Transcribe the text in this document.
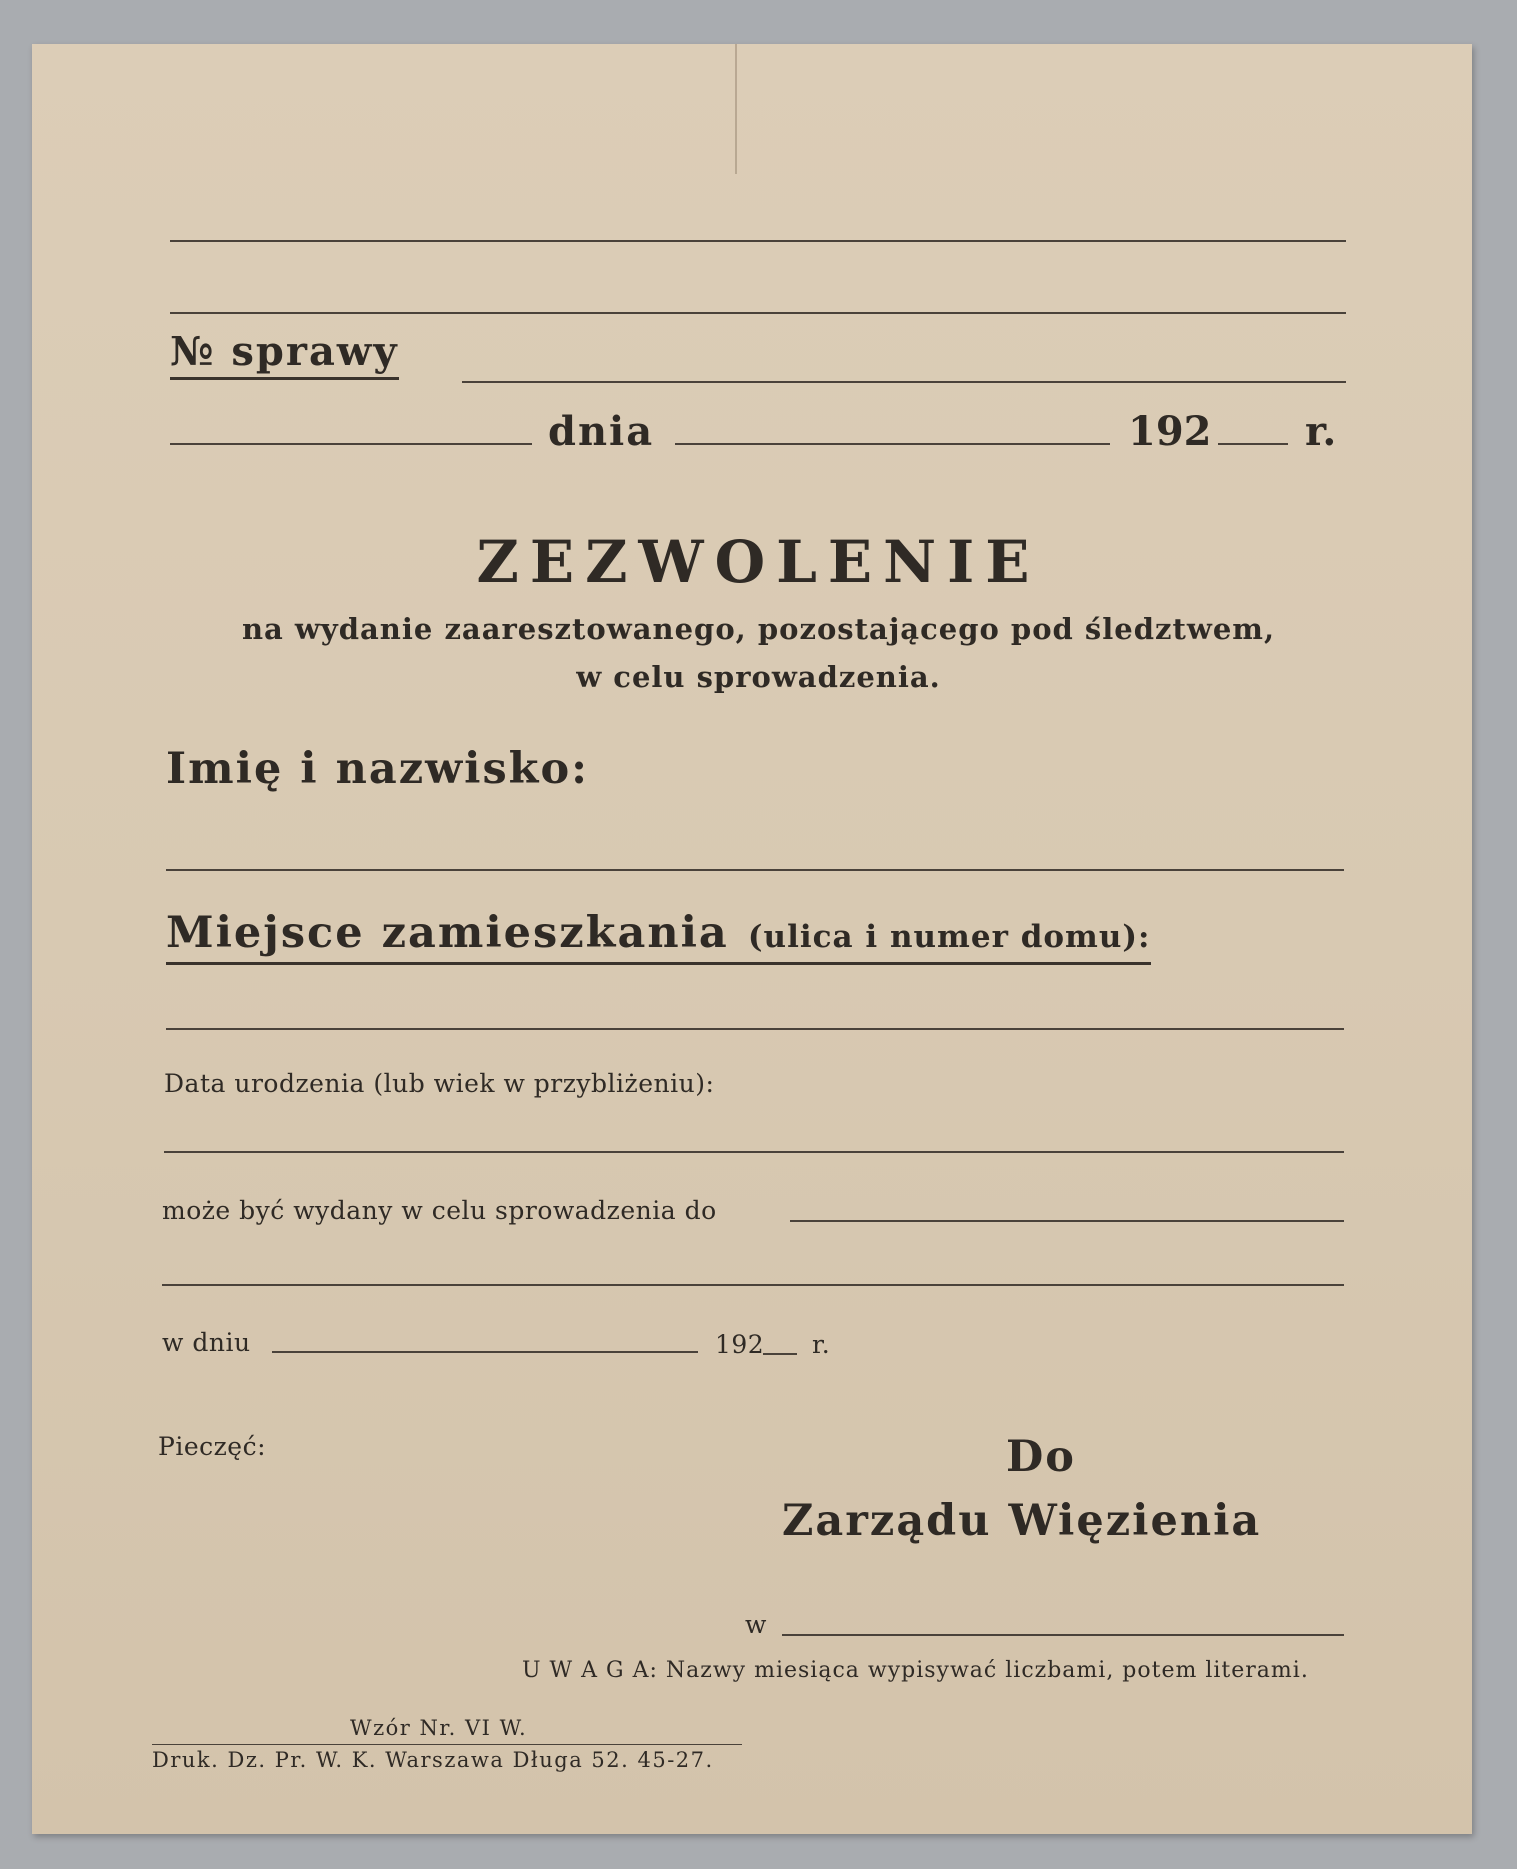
№ sprawy
dnia	192 r.
ZEZWOLENIE
na wydanie zaaresztowanego, pozostającego pod śledztwem,
w celu sprowadzenia.
Imię i nazwisko:
Miejsce zamieszkania (ulica i numer domu):
Data urodzenia (lub wiek w przybliżeniu):
może być wydany w celu sprowadzenia do
w dniu	192 r.
Pieczęć:	Do
Zarządu Więzienia
w
U W A G A: Nazwy miesiąca wypisywać liczbami, potem literami.
Wzór Nr. VI W.
Druk. Dz. Pr. W. K. Warszawa Długa 52. 45-27.
